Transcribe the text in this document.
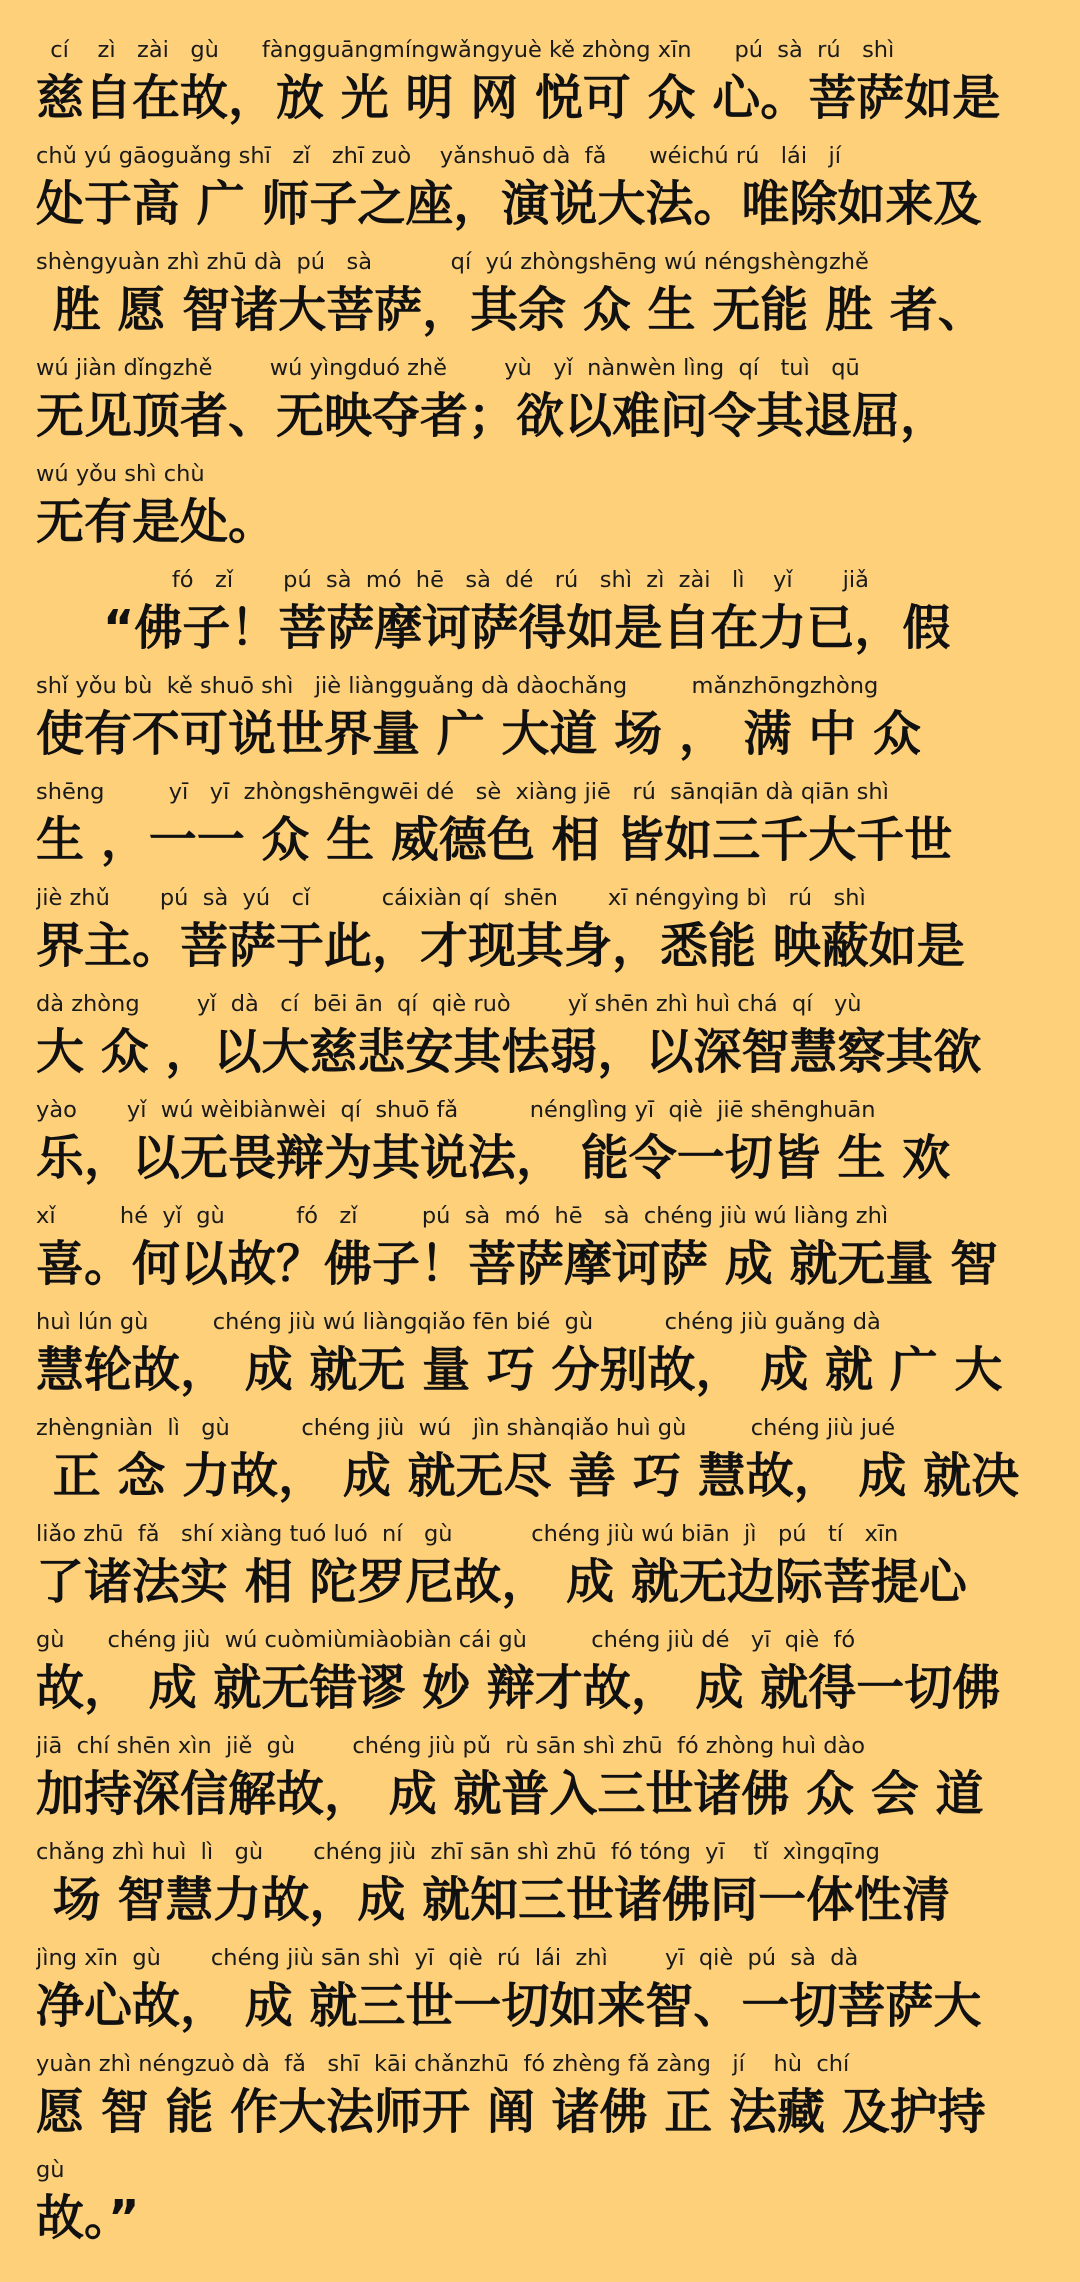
cí    zì   zài   gù      fàngguāngmíngwǎngyuè kě zhòng xīn      pú  sà  rú   shì
慈自在故，放 光 明 网 悦可 众 心。菩萨如是
chǔ yú gāoguǎng shī   zǐ   zhī zuò    yǎnshuō dà  fǎ      wéichú rú   lái   jí
处于高 广 师子之座，演说大法。唯除如来及
shèngyuàn zhì zhū dà  pú   sà           qí  yú zhòngshēng wú néngshèngzhě
胜 愿 智诸大菩萨，其余 众 生 无能 胜 者、
wú jiàn dǐngzhě        wú yìngduó zhě        yù   yǐ  nànwèn lìng  qí   tuì   qū
无见顶者、无映夺者；欲以难问令其退屈，
wú yǒu shì chù
无有是处。
fó   zǐ       pú  sà  mó  hē   sà  dé   rú   shì  zì  zài   lì    yǐ       jiǎ
“佛子！菩萨摩诃萨得如是自在力已，假
shǐ yǒu bù  kě shuō shì   jiè liàngguǎng dà dàochǎng         mǎnzhōngzhòng
使有不可说世界量 广 大道 场 ， 满 中 众
shēng         yī   yī  zhòngshēngwēi dé   sè  xiàng jiē   rú  sānqiān dà qiān shì
生 ，一一 众 生 威德色 相 皆如三千大千世
jiè zhǔ       pú  sà  yú   cǐ          cáixiàn qí  shēn       xī néngyìng bì   rú   shì
界主。菩萨于此，才现其身，悉能 映蔽如是
dà zhòng        yǐ  dà   cí  bēi ān  qí  qiè ruò        yǐ shēn zhì huì chá  qí   yù
大 众 ，以大慈悲安其怯弱，以深智慧察其欲
yào       yǐ  wú wèibiànwèi  qí  shuō fǎ          nénglìng yī  qiè  jiē shēnghuān
乐，以无畏辩为其说法， 能令一切皆 生 欢
xǐ         hé  yǐ  gù          fó   zǐ         pú  sà  mó  hē   sà  chéng jiù wú liàng zhì
喜。何以故？佛子！菩萨摩诃萨 成 就无量 智
huì lún gù         chéng jiù wú liàngqiǎo fēn bié  gù          chéng jiù guǎng dà
慧轮故， 成 就无 量 巧 分别故， 成 就 广 大
zhèngniàn  lì   gù          chéng jiù  wú   jìn shànqiǎo huì gù         chéng jiù jué
正 念 力故， 成 就无尽 善 巧 慧故， 成 就决
liǎo zhū  fǎ   shí xiàng tuó luó  ní   gù           chéng jiù wú biān  jì   pú   tí   xīn
了诸法实 相 陀罗尼故， 成 就无边际菩提心
gù      chéng jiù  wú cuòmiùmiàobiàn cái gù         chéng jiù dé   yī  qiè  fó
故， 成 就无错谬 妙 辩才故， 成 就得一切佛
jiā  chí shēn xìn  jiě  gù        chéng jiù pǔ  rù sān shì zhū  fó zhòng huì dào
加持深信解故， 成 就普入三世诸佛 众 会 道
chǎng zhì huì  lì   gù       chéng jiù  zhī sān shì zhū  fó tóng  yī    tǐ  xìngqīng
场 智慧力故，成 就知三世诸佛同一体性清
jìng xīn  gù       chéng jiù sān shì  yī  qiè  rú  lái  zhì        yī  qiè  pú  sà  dà
净心故， 成 就三世一切如来智、一切菩萨大
yuàn zhì néngzuò dà  fǎ   shī  kāi chǎnzhū  fó zhèng fǎ zàng   jí    hù  chí
愿 智 能 作大法师开 阐 诸佛 正 法藏 及护持
gù
故。”
